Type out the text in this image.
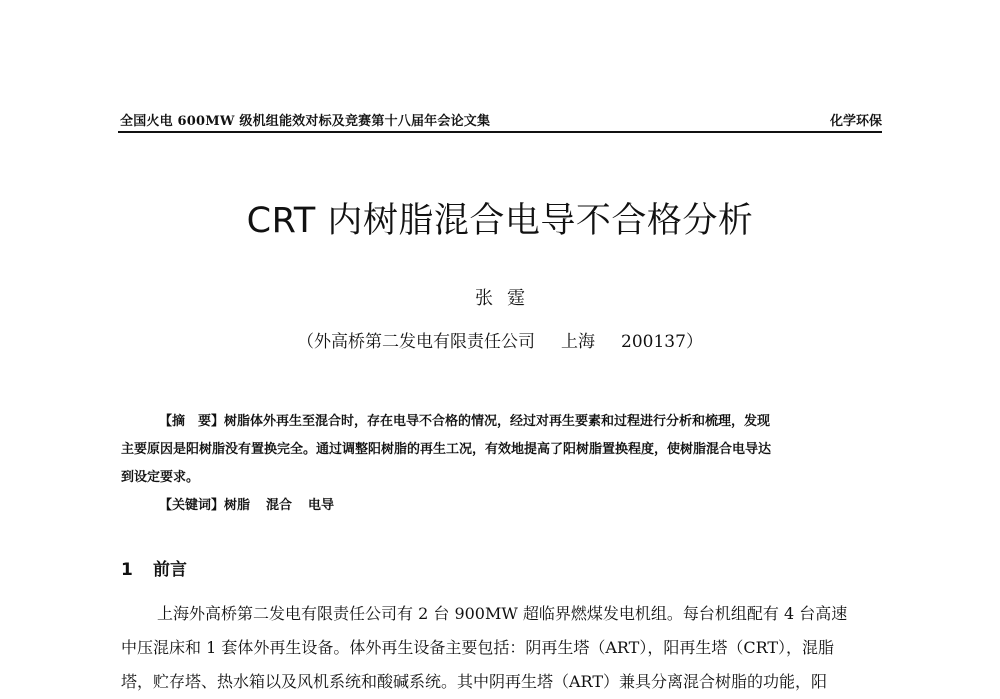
全国火电 600MW 级机组能效对标及竞赛第十八届年会论文集	化学环保
CRT 内树脂混合电导不合格分析
张霆
（外高桥第二发电有限责任公司 上海 200137）

【摘　要】树脂体外再生至混合时，存在电导不合格的情况，经过对再生要素和过程进行分析和梳理，发现

主要原因是阳树脂没有置换完全。通过调整阳树脂的再生工况，有效地提高了阳树脂置换程度，使树脂混合电导达

到设定要求。

【关键词】树脂 混合 电导
1 前言
上海外高桥第二发电有限责任公司有 2 台 900MW 超临界燃煤发电机组。每台机组配有 4 台高速
中压混床和 1 套体外再生设备。体外再生设备主要包括：阴再生塔（ART），阳再生塔（CRT），混脂
塔，贮存塔、热水箱以及风机系统和酸碱系统。其中阴再生塔（ART）兼具分离混合树脂的功能，阳
